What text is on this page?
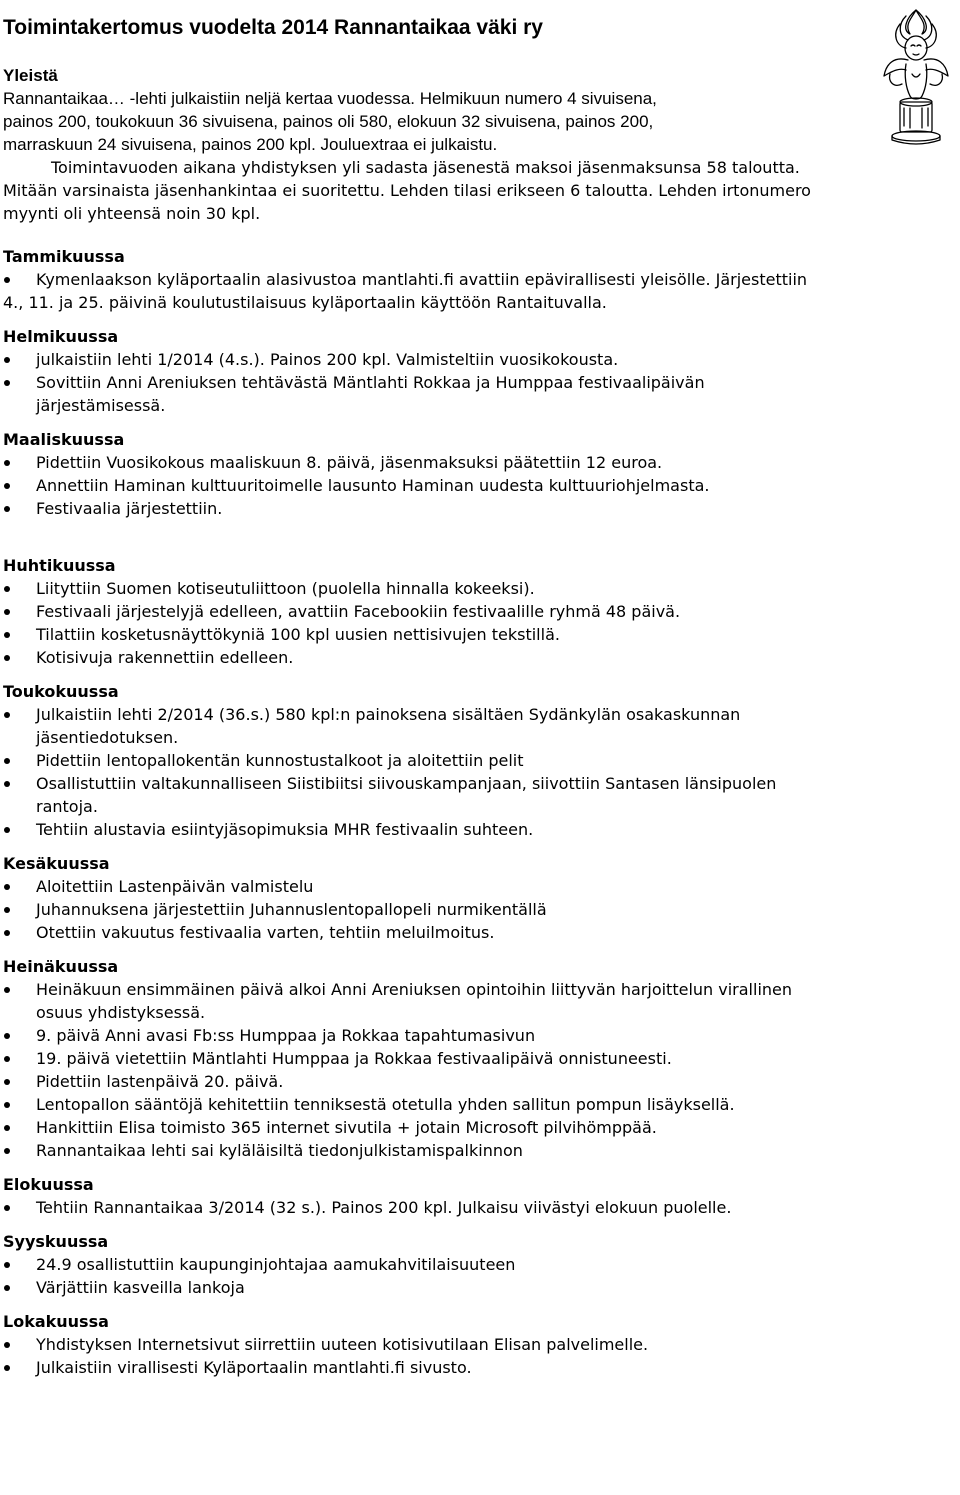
Toimintakertomus vuodelta 2014 Rannantaikaa väki ry

Yleistä

Rannantaikaa… -lehti julkaistiin neljä kertaa vuodessa. Helmikuun numero 4 sivuisena,

painos 200, toukokuun 36 sivuisena, painos oli 580, elokuun 32 sivuisena, painos 200,

marraskuun 24 sivuisena, painos 200 kpl. Jouluextraa ei julkaistu.

Toimintavuoden aikana yhdistyksen yli sadasta jäsenestä maksoi jäsenmaksunsa 58 taloutta.

Mitään varsinaista jäsenhankintaa ei suoritettu. Lehden tilasi erikseen 6 taloutta. Lehden irtonumero

myynti oli yhteensä noin 30 kpl.

Tammikuussa

Kymenlaakson kyläportaalin alasivustoa mantlahti.fi avattiin epävirallisesti yleisölle. Järjestettiin

4., 11. ja 25. päivinä koulutustilaisuus kyläportaalin käyttöön Rantaituvalla.

Helmikuussa

julkaistiin lehti 1/2014 (4.s.). Painos 200 kpl. Valmisteltiin vuosikokousta.
Sovittiin Anni Areniuksen tehtävästä Mäntlahti Rokkaa ja Humppaa festivaalipäivän
järjestämisessä.

Maaliskuussa

Pidettiin Vuosikokous maaliskuun 8. päivä, jäsenmaksuksi päätettiin 12 euroa.
Annettiin Haminan kulttuuritoimelle lausunto Haminan uudesta kulttuuriohjelmasta.
Festivaalia järjestettiin.

Huhtikuussa

Liityttiin Suomen kotiseutuliittoon (puolella hinnalla kokeeksi).
Festivaali järjestelyjä edelleen, avattiin Facebookiin festivaalille ryhmä 48 päivä.
Tilattiin kosketusnäyttökyniä 100 kpl uusien nettisivujen tekstillä.
Kotisivuja rakennettiin edelleen.

Toukokuussa

Julkaistiin lehti 2/2014 (36.s.) 580 kpl:n painoksena sisältäen Sydänkylän osakaskunnan
jäsentiedotuksen.
Pidettiin lentopallokentän kunnostustalkoot ja aloitettiin pelit
Osallistuttiin valtakunnalliseen Siistibiitsi siivouskampanjaan, siivottiin Santasen länsipuolen
rantoja.
Tehtiin alustavia esiintyjäsopimuksia MHR festivaalin suhteen.

Kesäkuussa

Aloitettiin Lastenpäivän valmistelu
Juhannuksena järjestettiin Juhannuslentopallopeli nurmikentällä
Otettiin vakuutus festivaalia varten, tehtiin meluilmoitus.

Heinäkuussa

Heinäkuun ensimmäinen päivä alkoi Anni Areniuksen opintoihin liittyvän harjoittelun virallinen
osuus yhdistyksessä.
9. päivä Anni avasi Fb:ss Humppaa ja Rokkaa tapahtumasivun
19. päivä vietettiin Mäntlahti Humppaa ja Rokkaa festivaalipäivä onnistuneesti.
Pidettiin lastenpäivä 20. päivä.
Lentopallon sääntöjä kehitettiin tenniksestä otetulla yhden sallitun pompun lisäyksellä.
Hankittiin Elisa toimisto 365 internet sivutila + jotain Microsoft pilvihömppää.
Rannantaikaa lehti sai kyläläisiltä tiedonjulkistamispalkinnon

Elokuussa

Tehtiin Rannantaikaa 3/2014 (32 s.). Painos 200 kpl. Julkaisu viivästyi elokuun puolelle.

Syyskuussa

24.9 osallistuttiin kaupunginjohtajaa aamukahvitilaisuuteen
Värjättiin kasveilla lankoja

Lokakuussa

Yhdistyksen Internetsivut siirrettiin uuteen kotisivutilaan Elisan palvelimelle.
Julkaistiin virallisesti Kyläportaalin mantlahti.fi sivusto.
